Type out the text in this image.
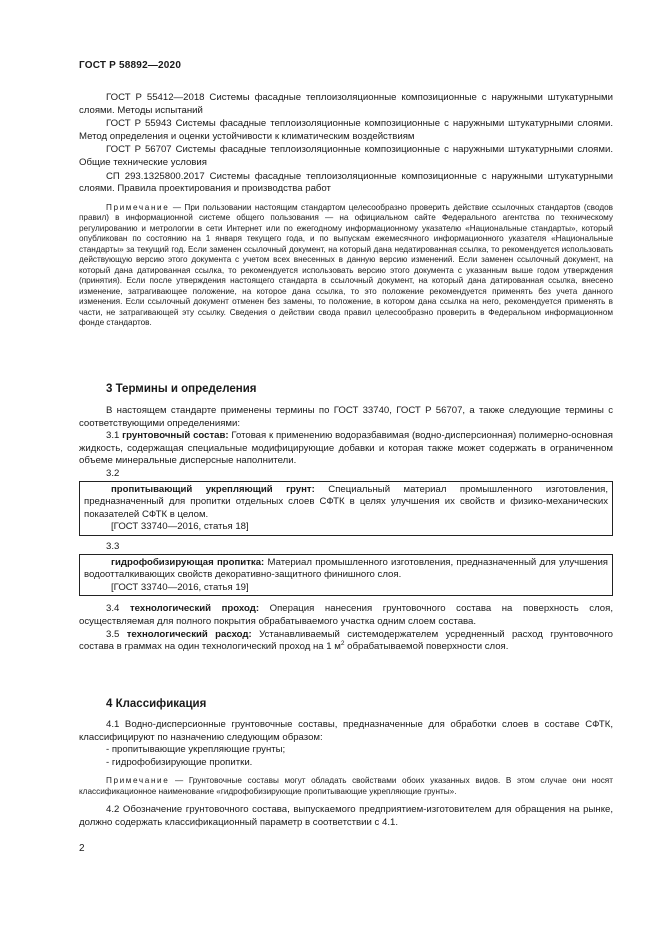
ГОСТ Р 58892—2020

ГОСТ Р 55412—2018 Системы фасадные теплоизоляционные композиционные с наружными штукатурными слоями. Методы испытаний

ГОСТ Р 55943 Системы фасадные теплоизоляционные композиционные с наружными штукатурными слоями. Метод определения и оценки устойчивости к климатическим воздействиям

ГОСТ Р 56707 Системы фасадные теплоизоляционные композиционные с наружными штукатурными слоями. Общие технические условия

СП 293.1325800.2017 Системы фасадные теплоизоляционные композиционные с наружными штукатурными слоями. Правила проектирования и производства работ

Примечание — При пользовании настоящим стандартом целесообразно проверить действие ссылочных стандартов (сводов правил) в информационной системе общего пользования — на официальном сайте Федерального агентства по техническому регулированию и метрологии в сети Интернет или по ежегодному информационному указателю «Национальные стандарты», который опубликован по состоянию на 1 января текущего года, и по выпускам ежемесячного информационного указателя «Национальные стандарты» за текущий год. Если заменен ссылочный документ, на который дана недатированная ссылка, то рекомендуется использовать действующую версию этого документа с учетом всех внесенных в данную версию изменений. Если заменен ссылочный документ, на который дана датированная ссылка, то рекомендуется использовать версию этого документа с указанным выше годом утверждения (принятия). Если после утверждения настоящего стандарта в ссылочный документ, на который дана датированная ссылка, внесено изменение, затрагивающее положение, на которое дана ссылка, то это положение рекомендуется применять без учета данного изменения. Если ссылочный документ отменен без замены, то положение, в котором дана ссылка на него, рекомендуется применять в части, не затрагивающей эту ссылку. Сведения о действии свода правил целесообразно проверить в Федеральном информационном фонде стандартов.

3 Термины и определения

В настоящем стандарте применены термины по ГОСТ 33740, ГОСТ Р 56707, а также следующие термины с соответствующими определениями:

3.1 грунтовочный состав: Готовая к применению водоразбавимая (водно-дисперсионная) полимерно-основная жидкость, содержащая специальные модифицирующие добавки и которая также может содержать в ограниченном объеме минеральные дисперсные наполнители.

3.2

пропитывающий укрепляющий грунт: Специальный материал промышленного изготовления, предназначенный для пропитки отдельных слоев СФТК в целях улучшения их свойств и физико-механических показателей СФТК в целом.

[ГОСТ 33740—2016, статья 18]

3.3

гидрофобизирующая пропитка: Материал промышленного изготовления, предназначенный для улучшения водоотталкивающих свойств декоративно-защитного финишного слоя.

[ГОСТ 33740—2016, статья 19]

3.4 технологический проход: Операция нанесения грунтовочного состава на поверхность слоя, осуществляемая для полного покрытия обрабатываемого участка одним слоем состава.

3.5 технологический расход: Устанавливаемый системодержателем усредненный расход грунтовочного состава в граммах на один технологический проход на 1 $м^2$ обрабатываемой поверхности слоя.

4 Классификация

4.1 Водно-дисперсионные грунтовочные составы, предназначенные для обработки слоев в составе СФТК, классифицируют по назначению следующим образом:

- пропитывающие укрепляющие грунты;

- гидрофобизирующие пропитки.

Примечание — Грунтовочные составы могут обладать свойствами обоих указанных видов. В этом случае они носят классификационное наименование «гидрофобизирующие пропитывающие укрепляющие грунты».

4.2 Обозначение грунтовочного состава, выпускаемого предприятием-изготовителем для обращения на рынке, должно содержать классификационный параметр в соответствии с 4.1.

2
